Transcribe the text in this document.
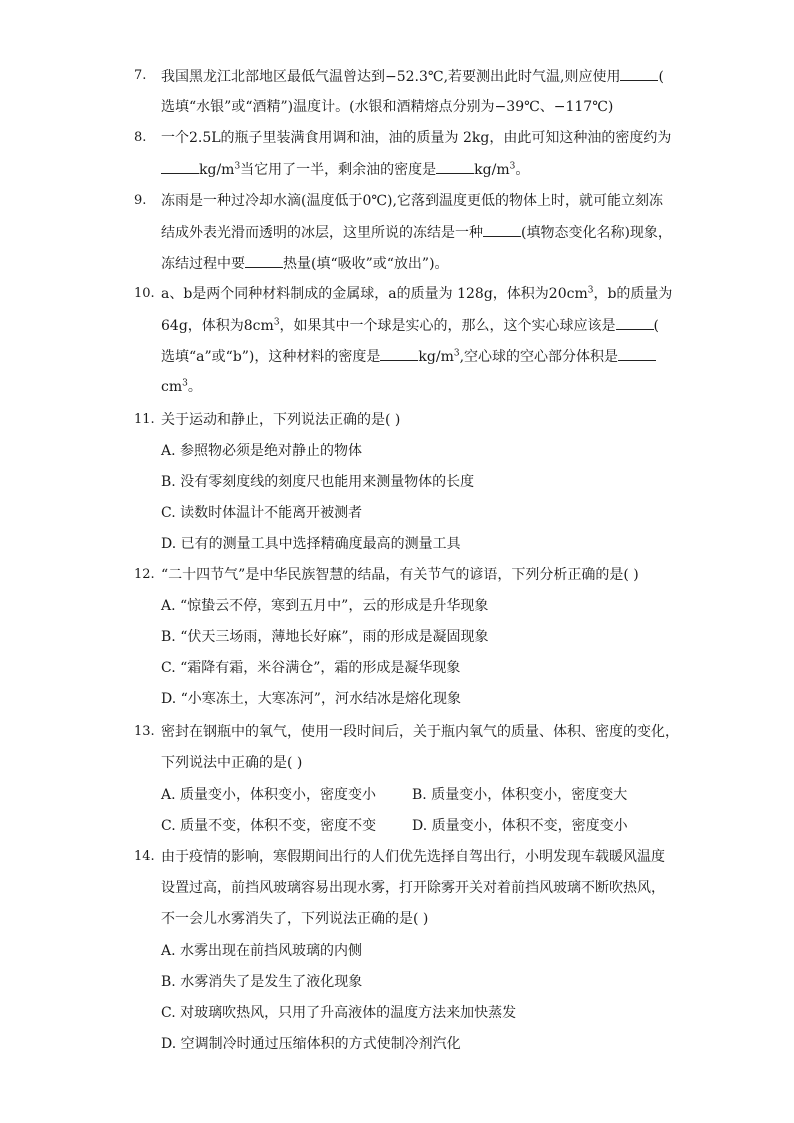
7. 我国黑龙江北部地区最低气温曾达到−52.3℃,若要测出此时气温,则应使用	(
选填“水银”或“酒精”)温度计。(水银和酒精熔点分别为−39℃、−117℃)
8. 一个2.5L的瓶子里装满食用调和油，油的质量为 2kg，由此可知这种油的密度约为
$kg/m^3$当它用了一半，剩余油的密度是	$kg/m^3$。
9. 冻雨是一种过冷却水滴(温度低于0℃),它落到温度更低的物体上时，就可能立刻冻
结成外表光滑而透明的冰层，这里所说的冻结是一种	(填物态变化名称)现象，
冻结过程中要	热量(填“吸收”或“放出”)。
10. a、b是两个同种材料制成的金属球，a的质量为 128g，体积为$20cm^3$，b的质量为
64g，体积为$8cm^3$，如果其中一个球是实心的，那么，这个实心球应该是	(
选填“a”或“b”)，这种材料的密度是	$kg/m^3$,空心球的空心部分体积是
$cm^3$。
11. 关于运动和静止，下列说法正确的是( )
A. 参照物必须是绝对静止的物体
B. 没有零刻度线的刻度尺也能用来测量物体的长度
C. 读数时体温计不能离开被测者
D. 已有的测量工具中选择精确度最高的测量工具
12. “二十四节气”是中华民族智慧的结晶，有关节气的谚语，下列分析正确的是( )
A. “惊蛰云不停，寒到五月中”，云的形成是升华现象
B. “伏天三场雨，薄地长好麻”，雨的形成是凝固现象
C. “霜降有霜，米谷满仓”，霜的形成是凝华现象
D. “小寒冻土，大寒冻河”，河水结冰是熔化现象
13. 密封在钢瓶中的氧气，使用一段时间后，关于瓶内氧气的质量、体积、密度的变化，
下列说法中正确的是( )
A. 质量变小，体积变小，密度变小	B. 质量变小，体积变小，密度变大
C. 质量不变，体积不变，密度不变	D. 质量变小，体积不变，密度变小
14. 由于疫情的影响，寒假期间出行的人们优先选择自驾出行，小明发现车载暖风温度
设置过高，前挡风玻璃容易出现水雾，打开除雾开关对着前挡风玻璃不断吹热风，
不一会儿水雾消失了，下列说法正确的是( )
A. 水雾出现在前挡风玻璃的内侧
B. 水雾消失了是发生了液化现象
C. 对玻璃吹热风，只用了升高液体的温度方法来加快蒸发
D. 空调制冷时通过压缩体积的方式使制冷剂汽化
